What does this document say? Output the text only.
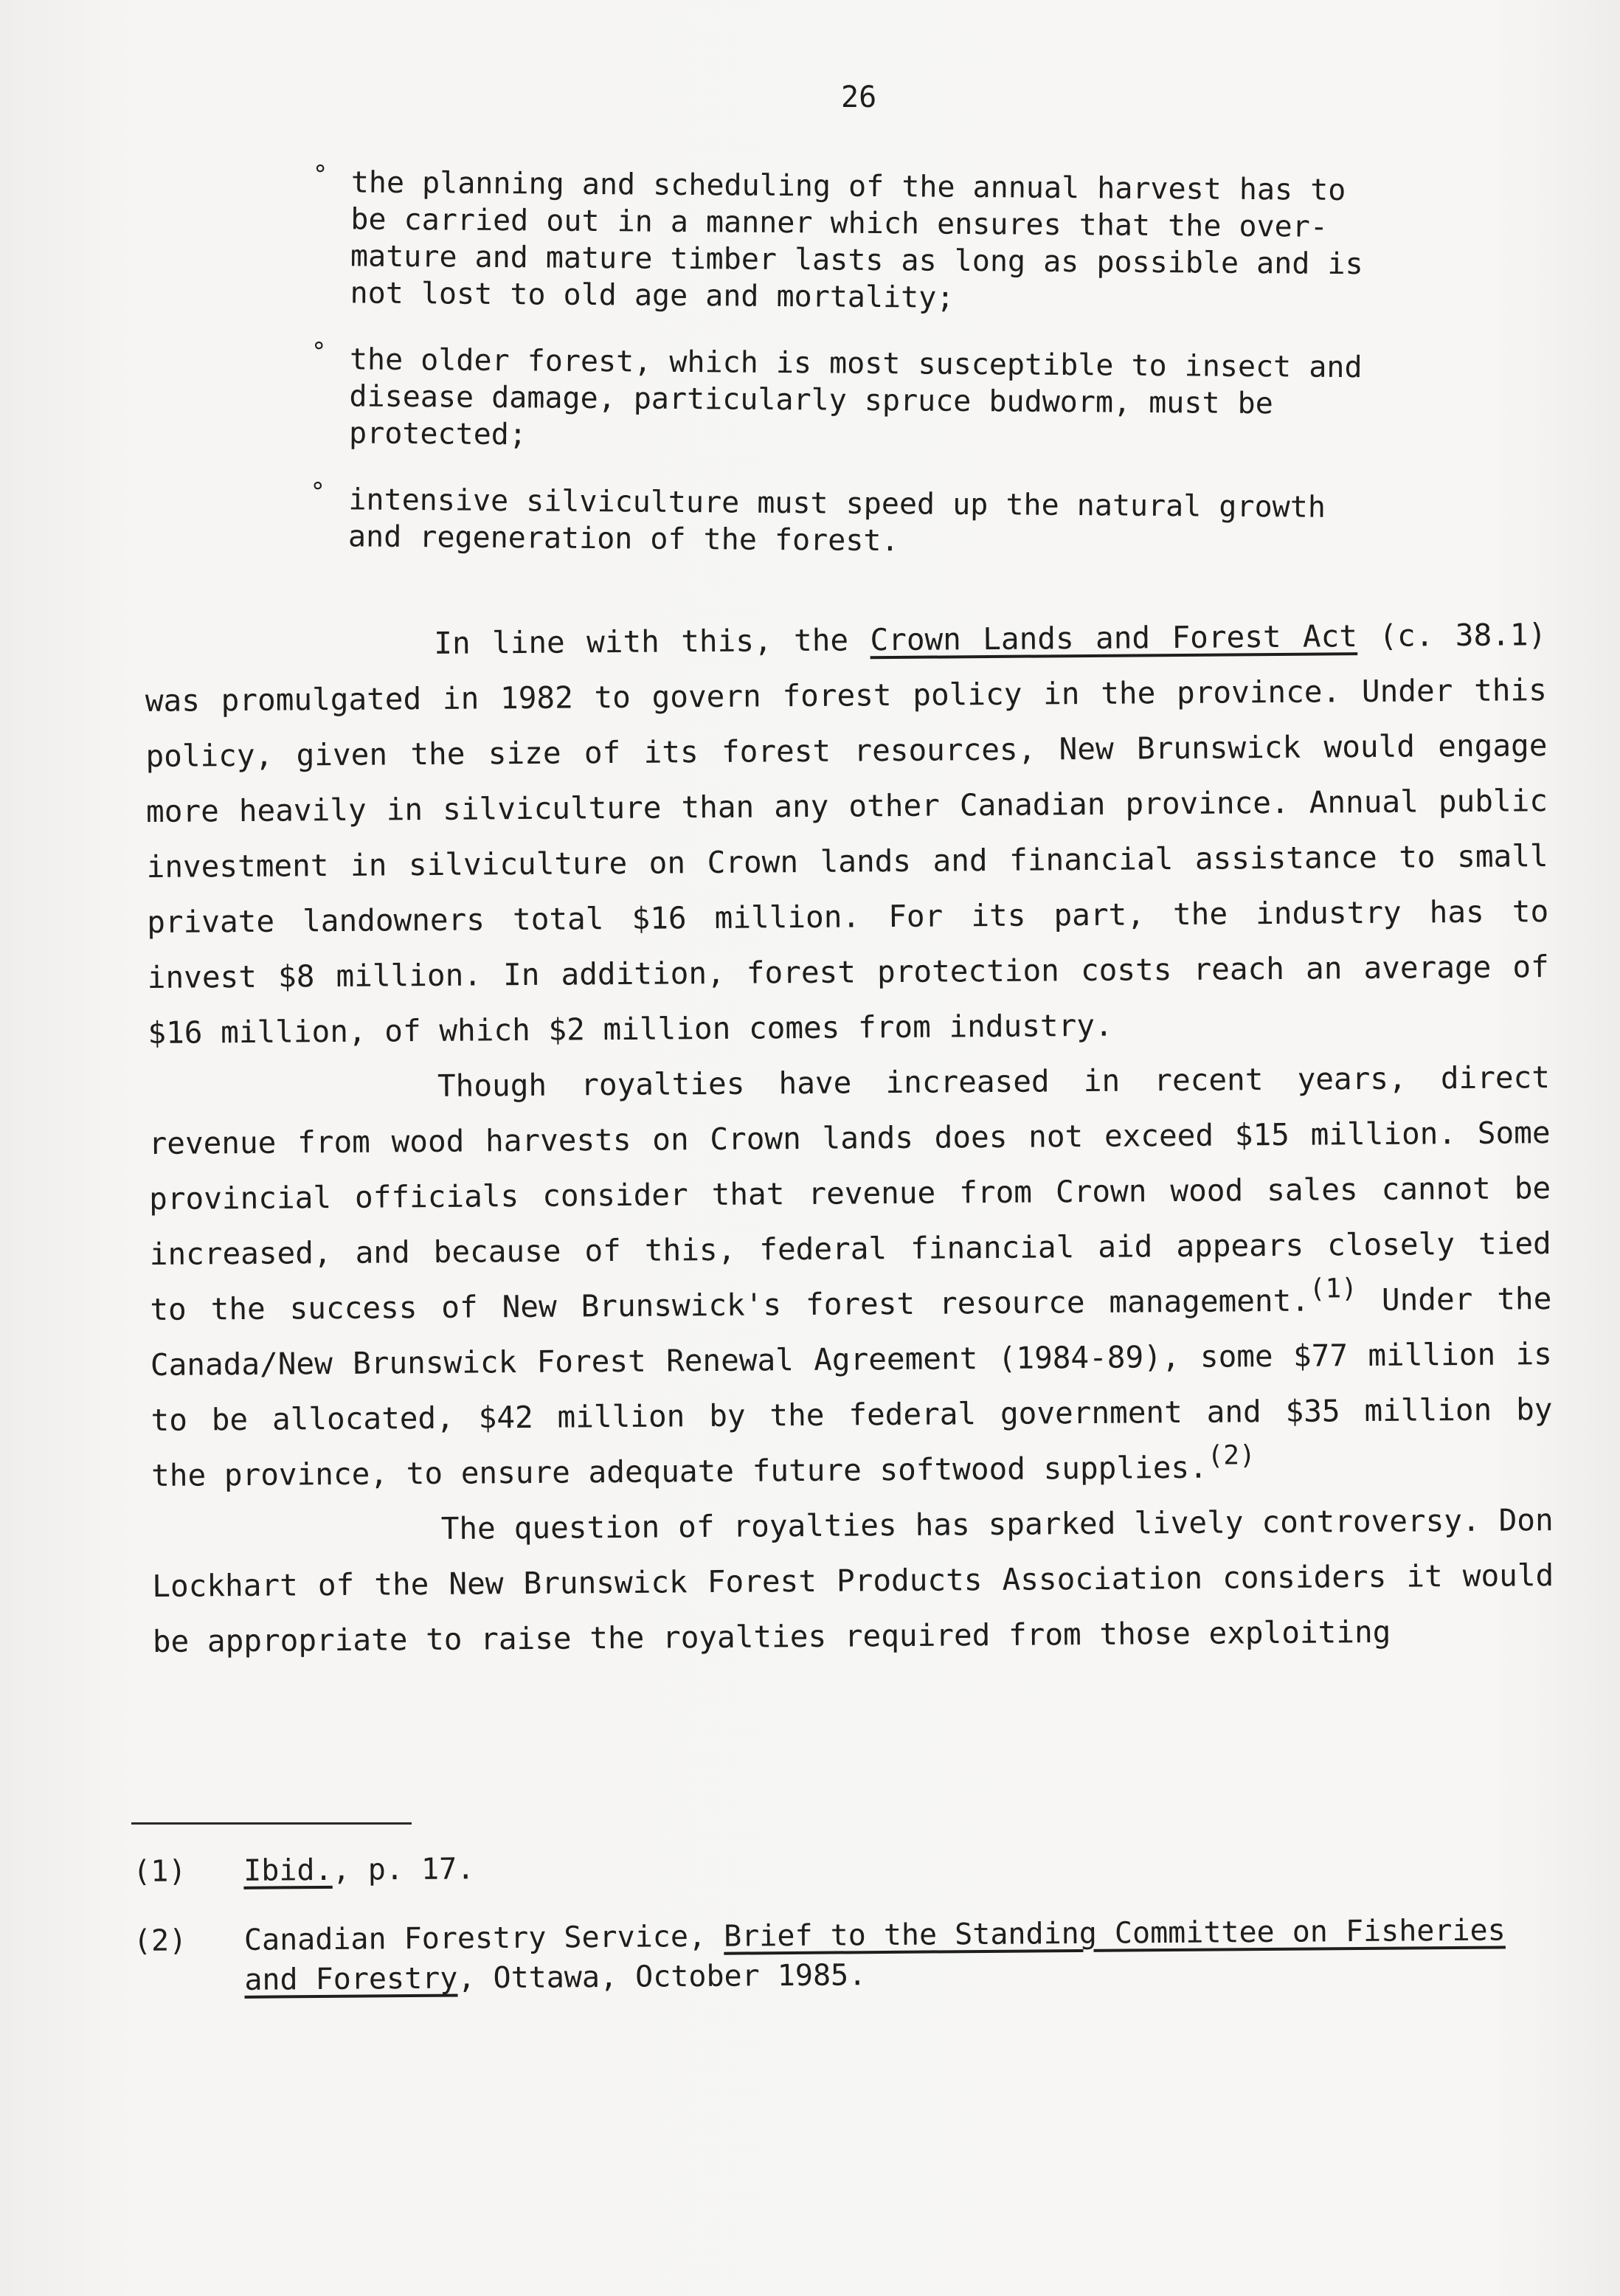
26
° the planning and scheduling of the annual harvest has to be carried out in a manner which ensures that the over-mature and mature timber lasts as long as possible and is not lost to old age and mortality;
° the older forest, which is most susceptible to insect and disease damage, particularly spruce budworm, must be protected;
° intensive silviculture must speed up the natural growth and regeneration of the forest.

In line with this, the Crown Lands and Forest Act (c. 38.1) was promulgated in 1982 to govern forest policy in the province. Under this policy, given the size of its forest resources, New Brunswick would engage more heavily in silviculture than any other Canadian province. Annual public investment in silviculture on Crown lands and financial assistance to small private landowners total $16 million. For its part, the industry has to invest $8 million. In addition, forest protection costs reach an average of $16 million, of which $2 million comes from industry.

Though royalties have increased in recent years, direct revenue from wood harvests on Crown lands does not exceed $15 million. Some provincial officials consider that revenue from Crown wood sales cannot be increased, and because of this, federal financial aid appears closely tied to the success of New Brunswick's forest resource management.$^{(1)}$ Under the Canada/New Brunswick Forest Renewal Agreement (1984-89), some $77 million is to be allocated, $42 million by the federal government and $35 million by the province, to ensure adequate future softwood supplies.$^{(2)}$

The question of royalties has sparked lively controversy. Don Lockhart of the New Brunswick Forest Products Association considers it would be appropriate to raise the royalties required from those exploiting

(1)	Ibid., p. 17.
(2)	Canadian Forestry Service, Brief to the Standing Committee on Fisheries and Forestry, Ottawa, October 1985.
